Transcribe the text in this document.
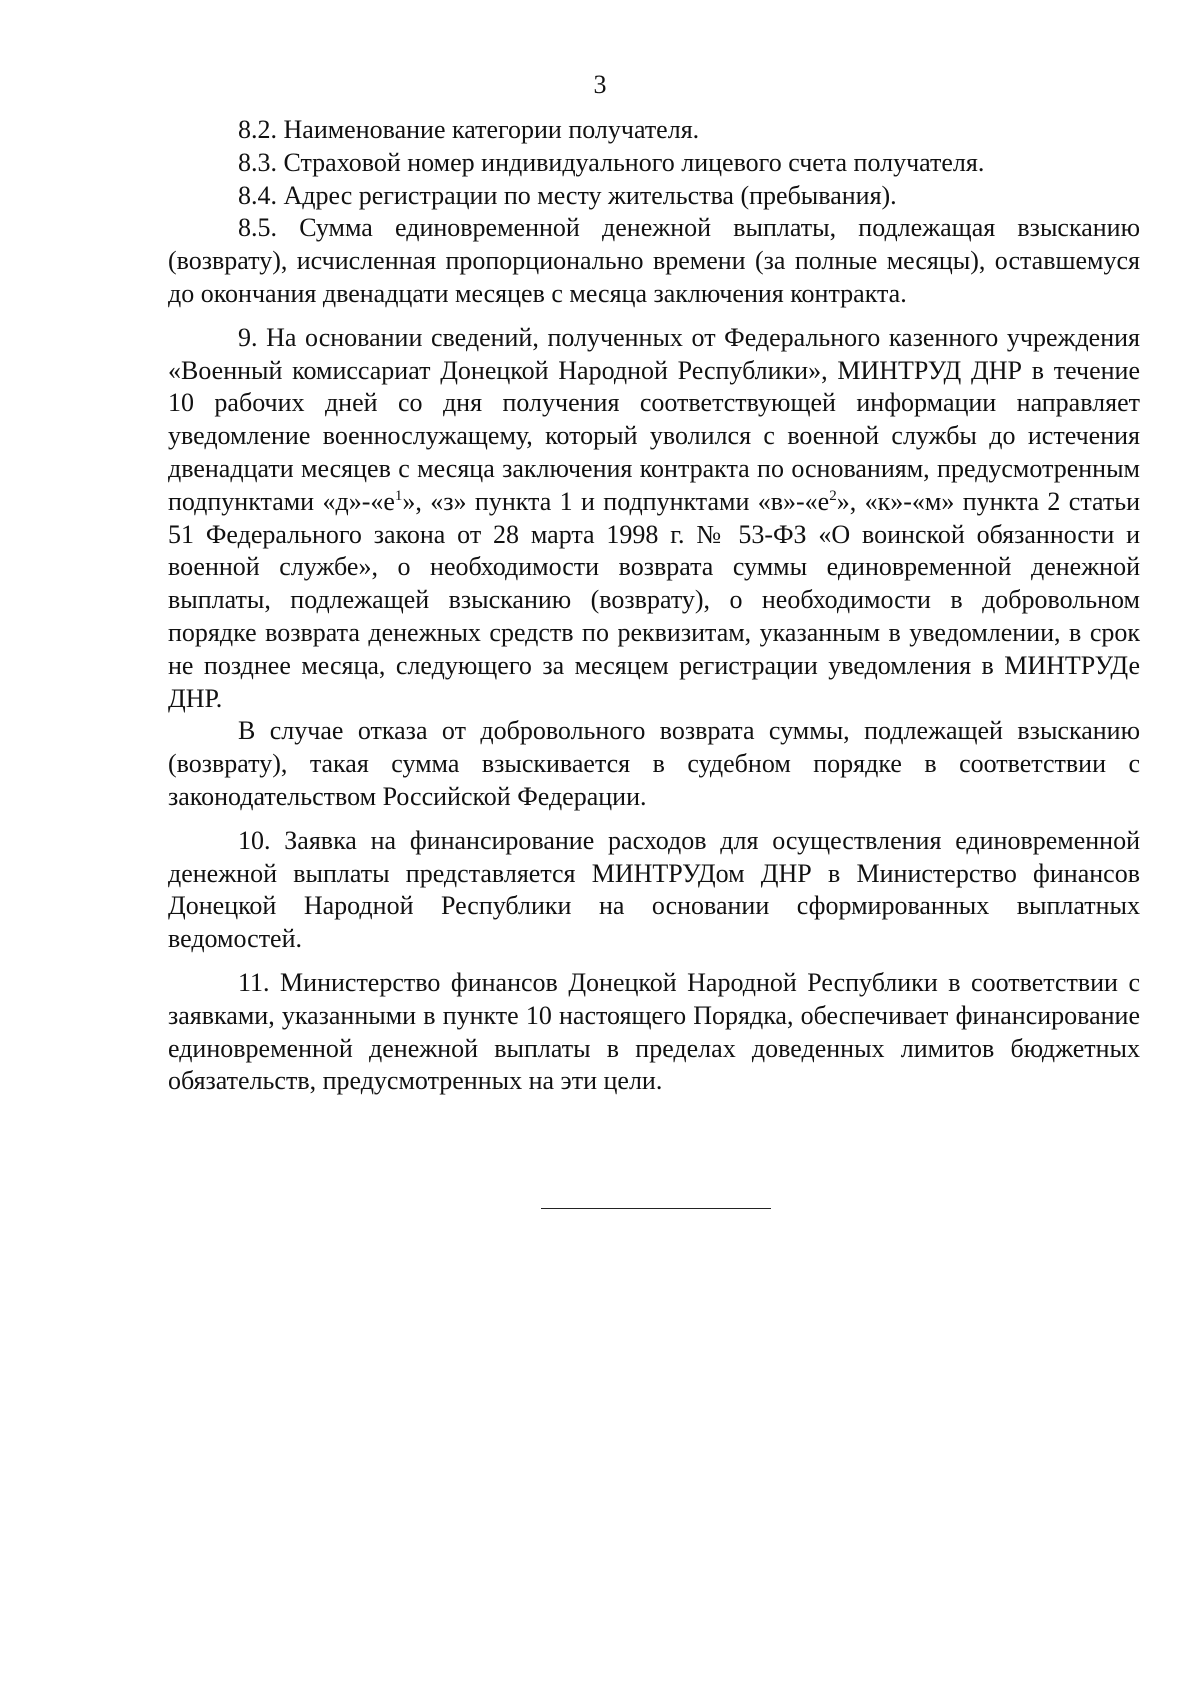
3

8.2. Наименование категории получателя.

8.3. Страховой номер индивидуального лицевого счета получателя.

8.4. Адрес регистрации по месту жительства (пребывания).

8.5. Сумма единовременной денежной выплаты, подлежащая взысканию (возврату), исчисленная пропорционально времени (за полные месяцы), оставшемуся до окончания двенадцати месяцев с месяца заключения контракта.

9. На основании сведений, полученных от Федерального казенного учреждения «Военный комиссариат Донецкой Народной Республики», МИНТРУД ДНР в течение 10 рабочих дней со дня получения соответствующей информации направляет уведомление военнослужащему, который уволился с военной службы до истечения двенадцати месяцев с месяца заключения контракта по основаниям, предусмотренным подпунктами «$д»-«е^1$», «з» пункта 1 и подпунктами «$в»-«е^2$», «к»-«м» пункта 2 статьи 51 Федерального закона от 28 марта 1998 г. № 53-ФЗ «О воинской обязанности и военной службе», о необходимости возврата суммы единовременной денежной выплаты, подлежащей взысканию (возврату), о необходимости в добровольном порядке возврата денежных средств по реквизитам, указанным в уведомлении, в срок не позднее месяца, следующего за месяцем регистрации уведомления в МИНТРУДе ДНР.

В случае отказа от добровольного возврата суммы, подлежащей взысканию (возврату), такая сумма взыскивается в судебном порядке в соответствии с законодательством Российской Федерации.

10. Заявка на финансирование расходов для осуществления единовременной денежной выплаты представляется МИНТРУДом ДНР в Министерство финансов Донецкой Народной Республики на основании сформированных выплатных ведомостей.

11. Министерство финансов Донецкой Народной Республики в соответствии с заявками, указанными в пункте 10 настоящего Порядка, обеспечивает финансирование единовременной денежной выплаты в пределах доведенных лимитов бюджетных обязательств, предусмотренных на эти цели.
